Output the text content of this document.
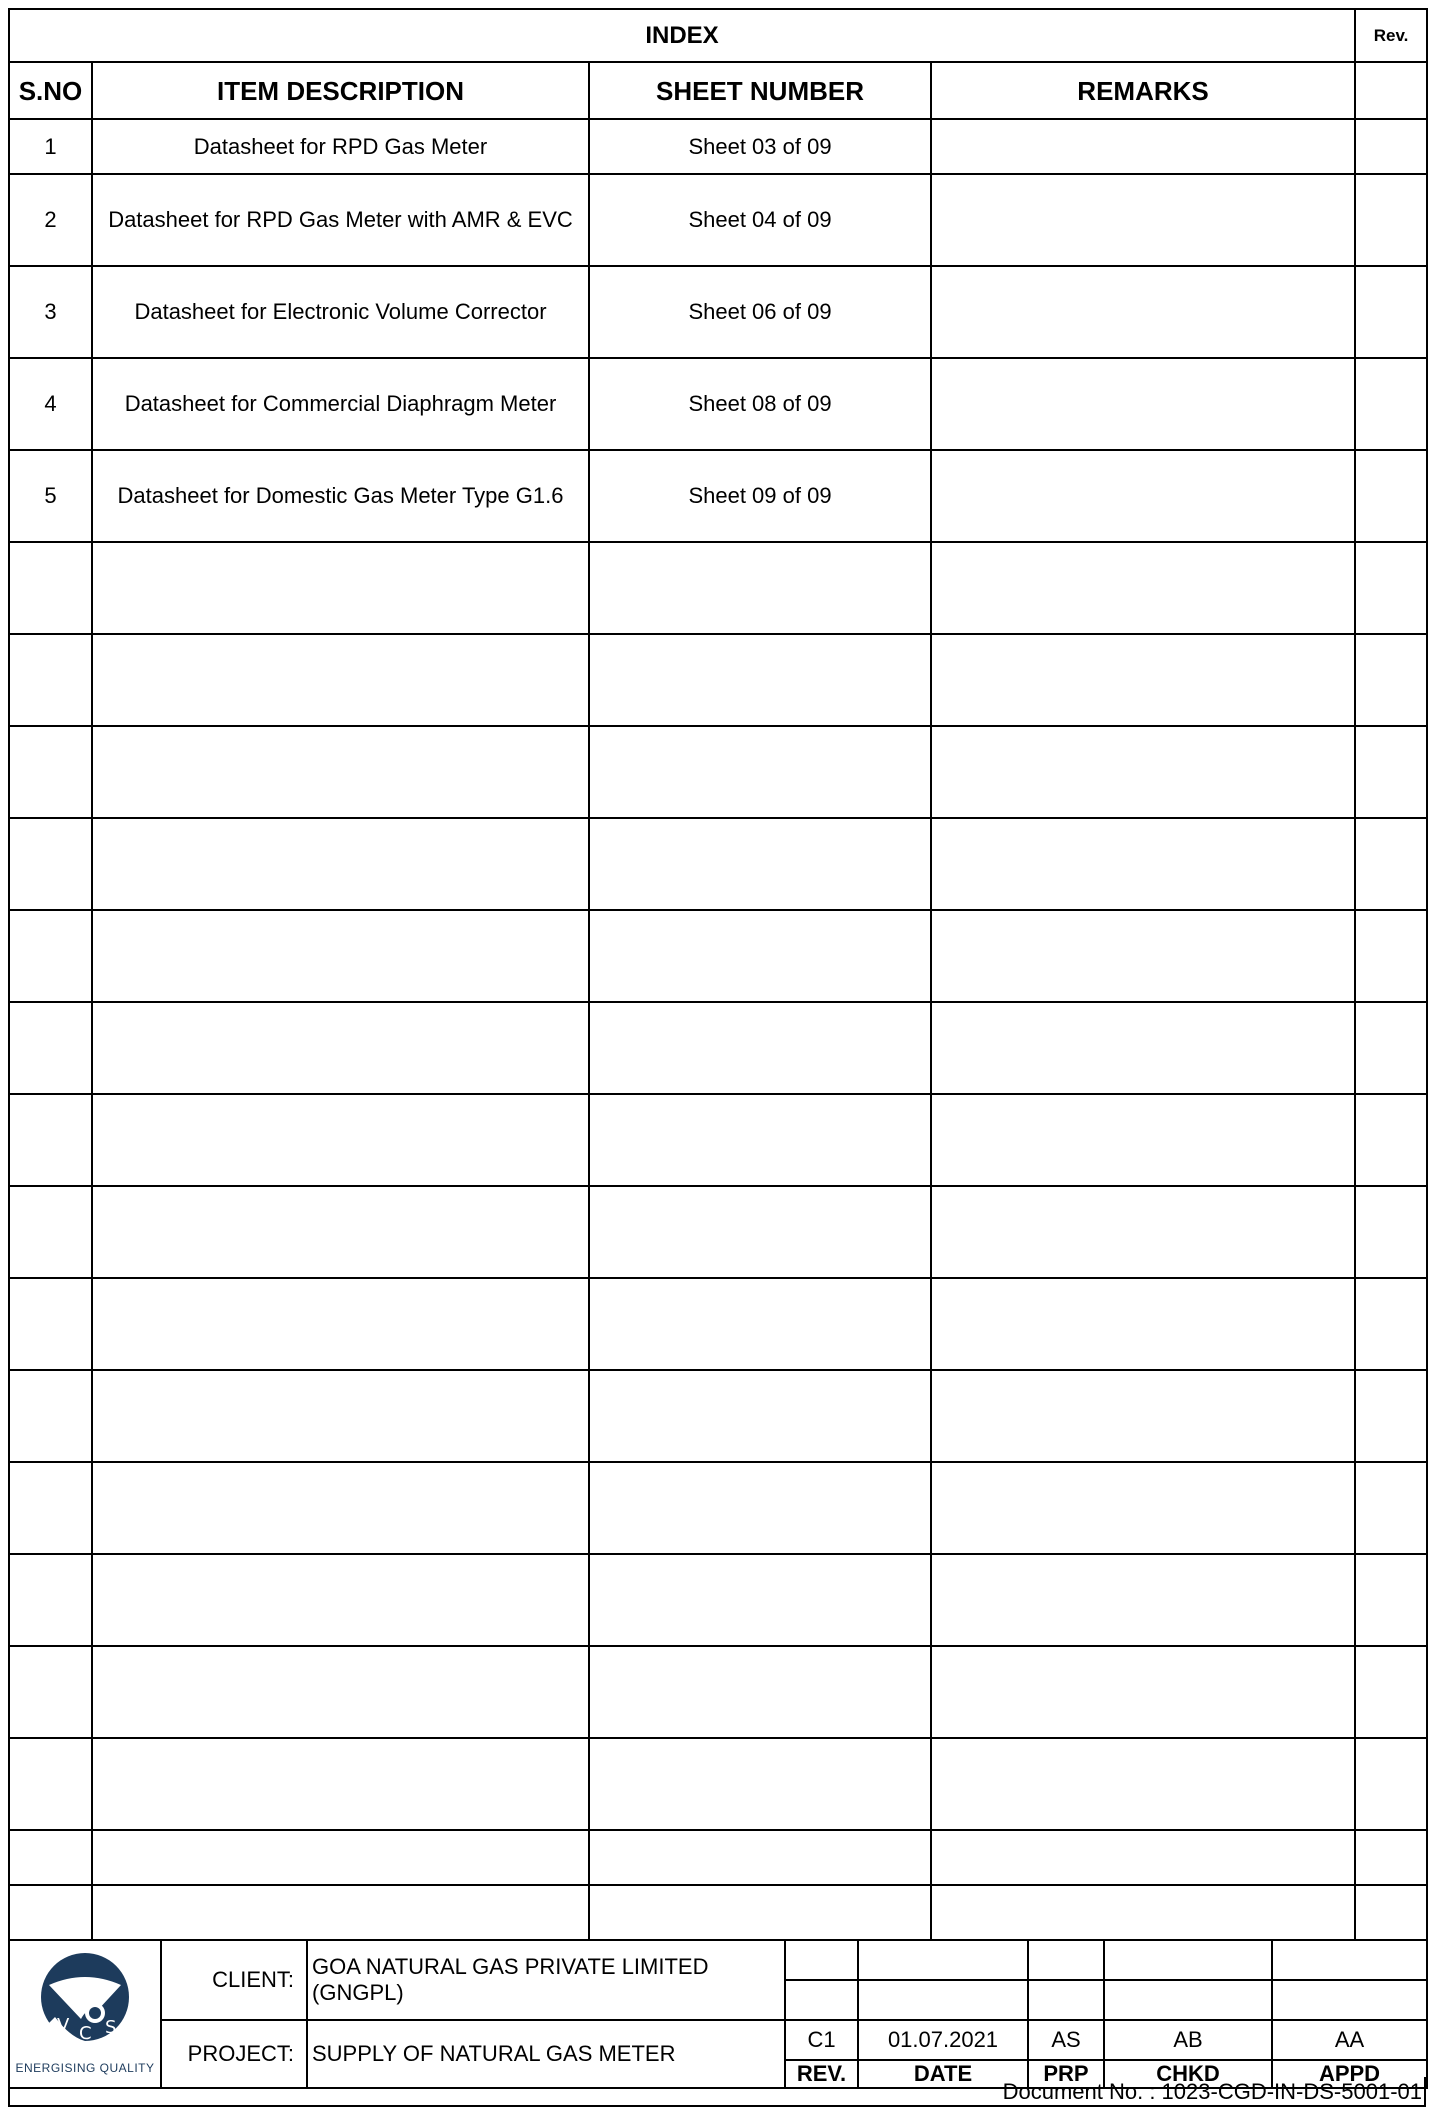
INDEX				Rev.
S.NO	ITEM DESCRIPTION	SHEET NUMBER	REMARKS	
1	Datasheet for RPD Gas Meter	Sheet 03 of 09		
2	Datasheet for RPD Gas Meter with AMR & EVC	Sheet 04 of 09		
3	Datasheet for Electronic Volume Corrector	Sheet 06 of 09		
4	Datasheet for Commercial Diaphragm Meter	Sheet 08 of 09		
5	Datasheet for Domestic Gas Meter Type G1.6	Sheet 09 of 09		

V C S
ENERGISING QUALITY	CLIENT:	GOA NATURAL GAS PRIVATE LIMITED (GNGPL)					

	PROJECT:	SUPPLY OF NATURAL GAS METER	C1	01.07.2021	AS	AB	AA
			REV.	DATE	PRP	CHKD	APPD
Document No. : 1023-CGD-IN-DS-5001-01
